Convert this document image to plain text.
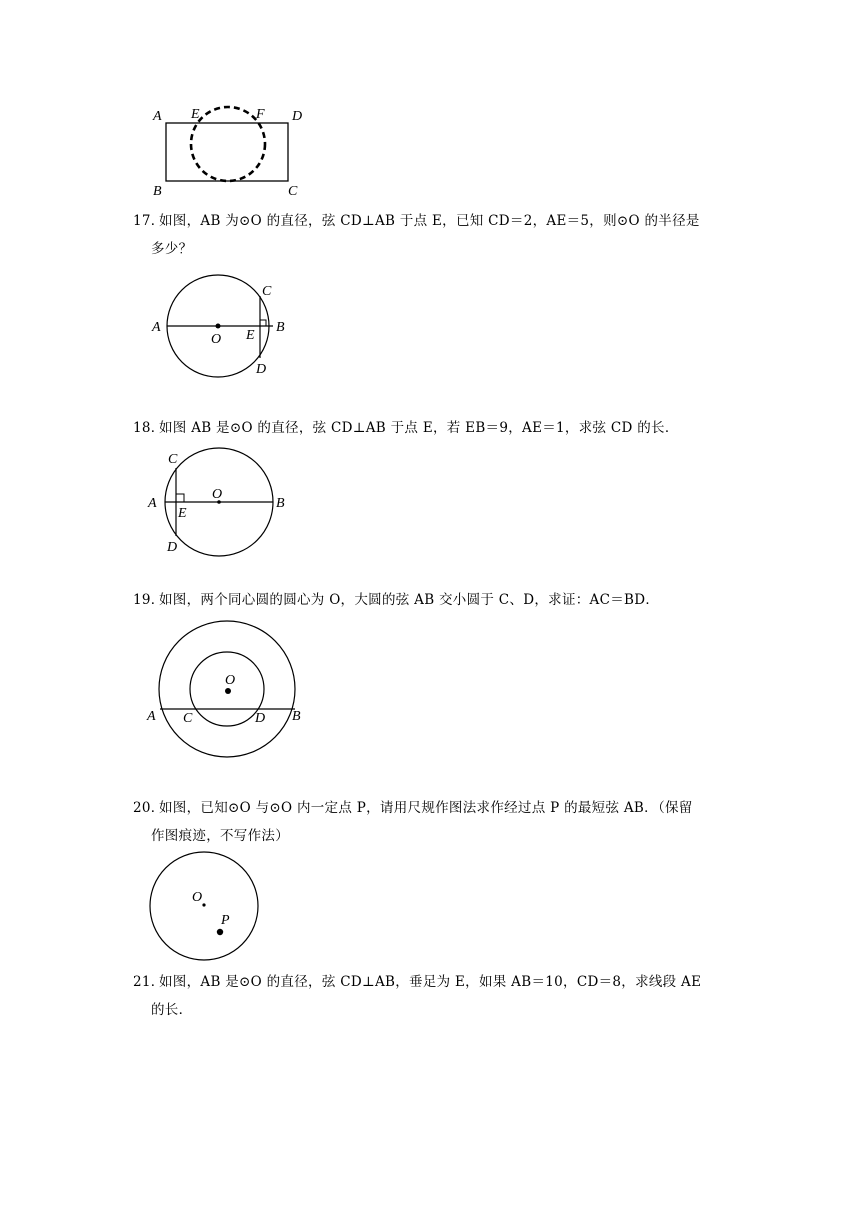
A E	F D
B	C
17．如图，AB 为⊙O 的直径，弦 CD⊥AB 于点 E，已知 CD＝2，AE＝5，则⊙O 的半径是
多少？
C
A	B
O E
D
18．如图 AB 是⊙O 的直径，弦 CD⊥AB 于点 E，若 EB＝9，AE＝1，求弦 CD 的长．
C
O
A	B
E
D
19．如图，两个同心圆的圆心为 O，大圆的弦 AB 交小圆于 C、D，求证：AC＝BD．
O
A C	D B
20．如图，已知⊙O 与⊙O 内一定点 P，请用尺规作图法求作经过点 P 的最短弦 AB．（保留
作图痕迹，不写作法）
O
P
21．如图，AB 是⊙O 的直径，弦 CD⊥AB，垂足为 E，如果 AB＝10，CD＝8，求线段 AE
的长．
